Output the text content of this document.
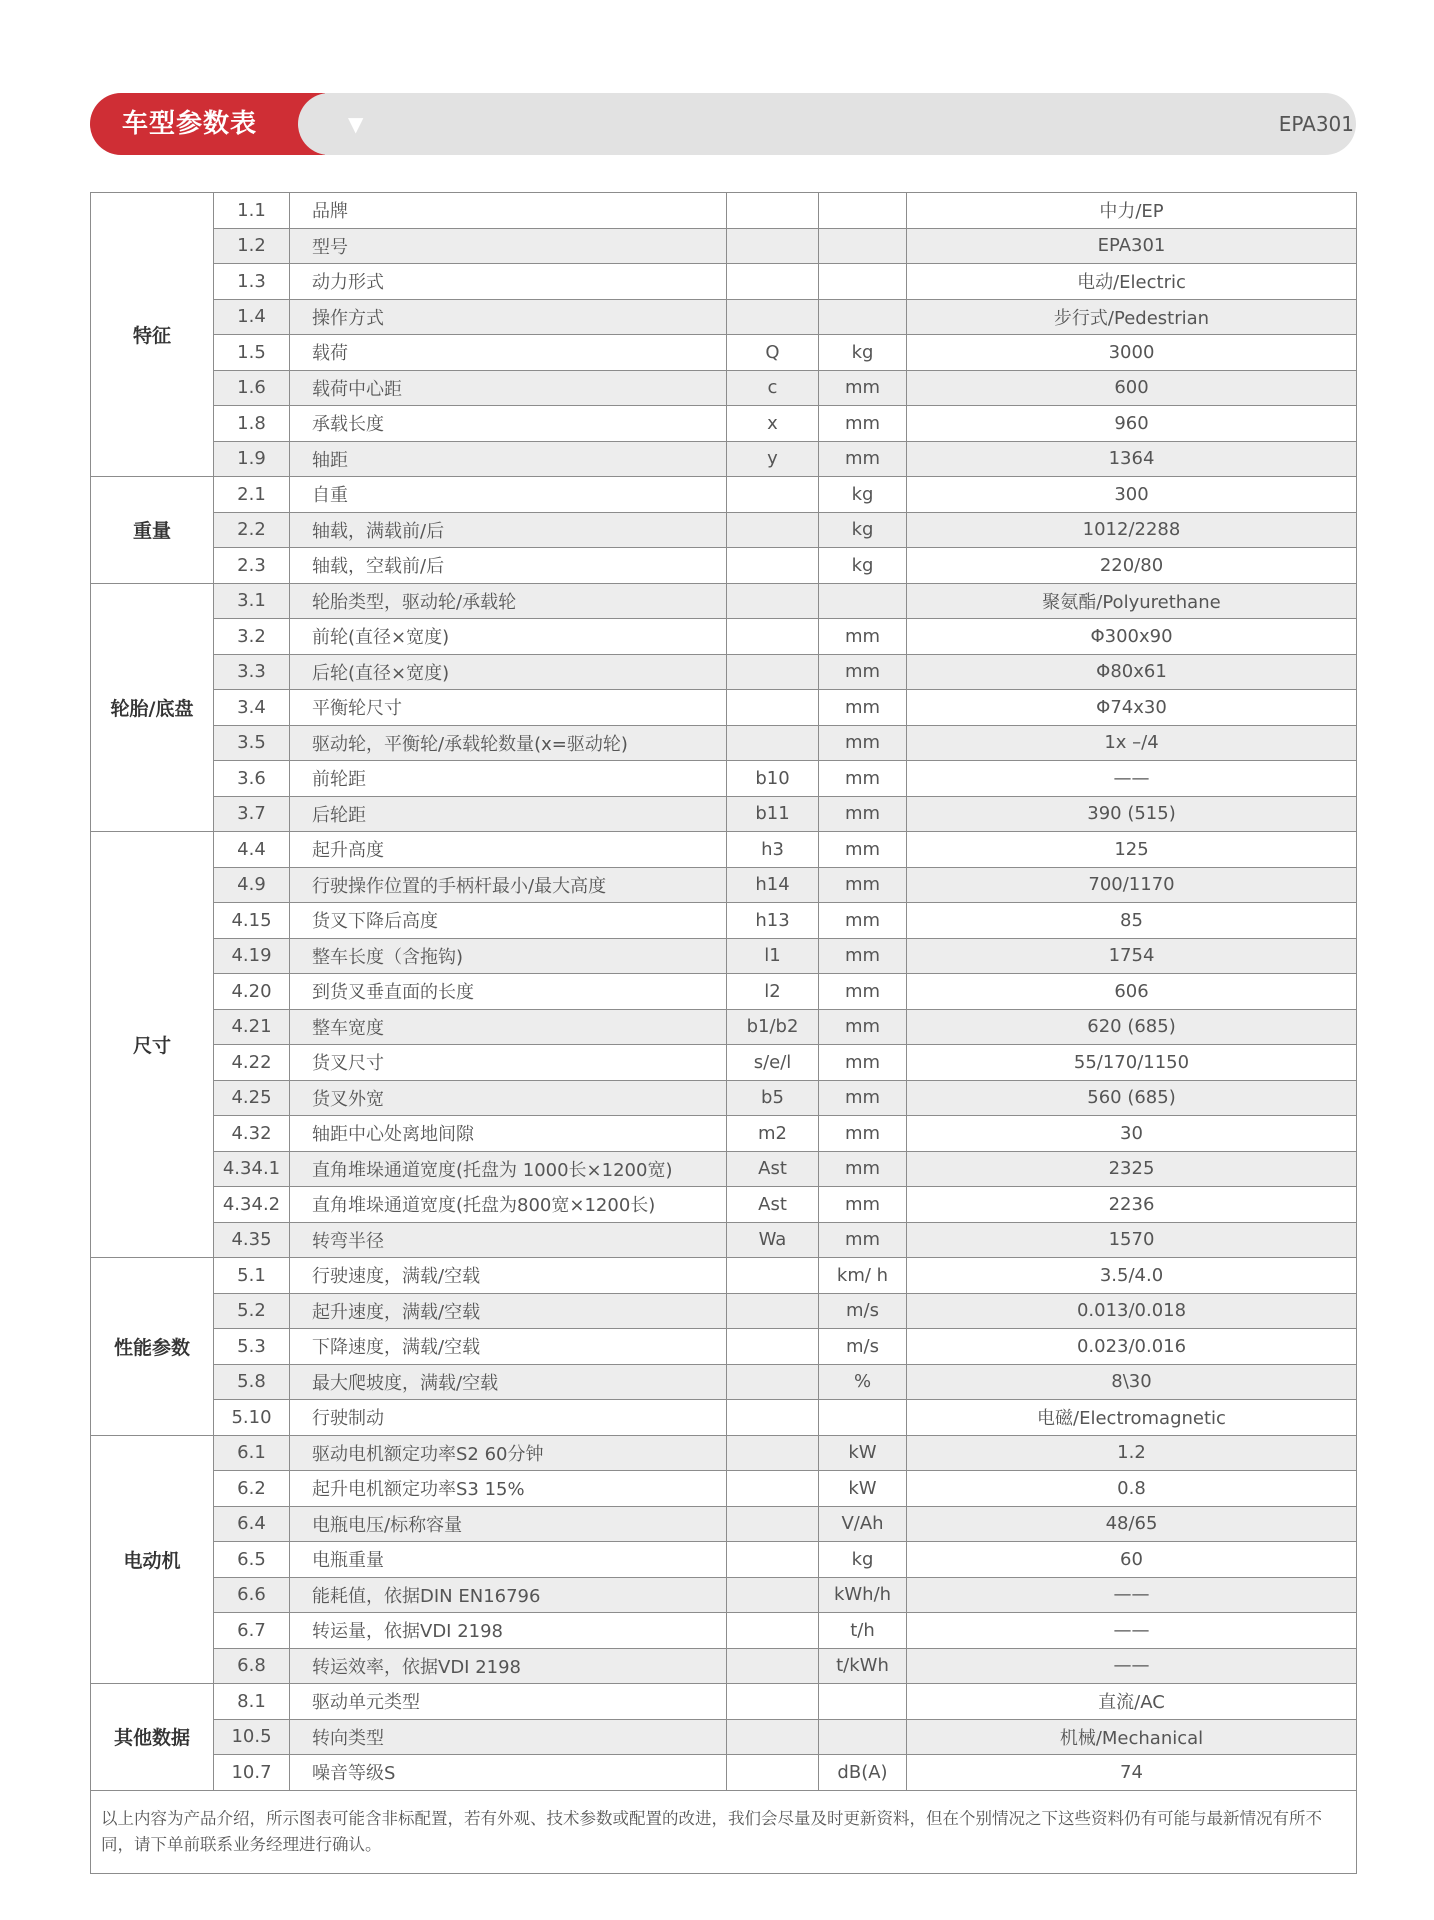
车型参数表	▼	EPA301
特征	1.1	品牌			中力/EP
	1.2	型号			EPA301
	1.3	动力形式			电动/Electric
	1.4	操作方式			步行式/Pedestrian
	1.5	载荷	Q	kg	3000
	1.6	载荷中心距	c	mm	600
	1.8	承载长度	x	mm	960
	1.9	轴距	y	mm	1364
重量	2.1	自重		kg	300
	2.2	轴载，满载前/后		kg	1012/2288
	2.3	轴载，空载前/后		kg	220/80
轮胎/底盘	3.1	轮胎类型，驱动轮/承载轮			聚氨酯/Polyurethane
	3.2	前轮(直径×宽度)		mm	Φ300x90
	3.3	后轮(直径×宽度)		mm	Φ80x61
	3.4	平衡轮尺寸		mm	Φ74x30
	3.5	驱动轮，平衡轮/承载轮数量(x=驱动轮)		mm	1x –/4
	3.6	前轮距	b10	mm	——
	3.7	后轮距	b11	mm	390 (515)
尺寸	4.4	起升高度	h3	mm	125
	4.9	行驶操作位置的手柄杆最小/最大高度	h14	mm	700/1170
	4.15	货叉下降后高度	h13	mm	85
	4.19	整车长度（含拖钩)	l1	mm	1754
	4.20	到货叉垂直面的长度	l2	mm	606
	4.21	整车宽度	b1/b2	mm	620 (685)
	4.22	货叉尺寸	s/e/l	mm	55/170/1150
	4.25	货叉外宽	b5	mm	560 (685)
	4.32	轴距中心处离地间隙	m2	mm	30
	4.34.1	直角堆垛通道宽度(托盘为 1000长×1200宽)	Ast	mm	2325
	4.34.2	直角堆垛通道宽度(托盘为800宽×1200长)	Ast	mm	2236
	4.35	转弯半径	Wa	mm	1570
性能参数	5.1	行驶速度，满载/空载		km/ h	3.5/4.0
	5.2	起升速度，满载/空载		m/s	0.013/0.018
	5.3	下降速度，满载/空载		m/s	0.023/0.016
	5.8	最大爬坡度，满载/空载		%	8\30
	5.10	行驶制动			电磁/Electromagnetic
电动机	6.1	驱动电机额定功率S2 60分钟		kW	1.2
	6.2	起升电机额定功率S3 15%		kW	0.8
	6.4	电瓶电压/标称容量		V/Ah	48/65
	6.5	电瓶重量		kg	60
	6.6	能耗值，依据DIN EN16796		kWh/h	——
	6.7	转运量，依据VDI 2198		t/h	——
	6.8	转运效率，依据VDI 2198		t/kWh	——
其他数据	8.1	驱动单元类型			直流/AC
	10.5	转向类型			机械/Mechanical
	10.7	噪音等级S		dB(A)	74
以上内容为产品介绍，所示图表可能含非标配置，若有外观、技术参数或配置的改进，我们会尽量及时更新资料，但在个别情况之下这些资料仍有可能与最新情况有所不同，请下单前联系业务经理进行确认。					
